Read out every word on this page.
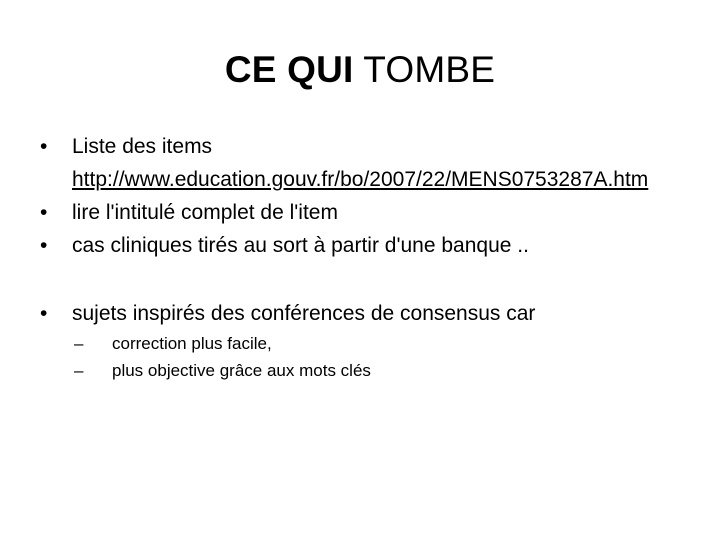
CE QUI TOMBE
•	Liste des items
http://www.education.gouv.fr/bo/2007/22/MENS0753287A.htm
•	lire l'intitulé complet de l'item
•	cas cliniques tirés au sort à partir d'une banque ..
•	sujets inspirés des conférences de consensus car
– correction plus facile,
– plus objective grâce aux mots clés
